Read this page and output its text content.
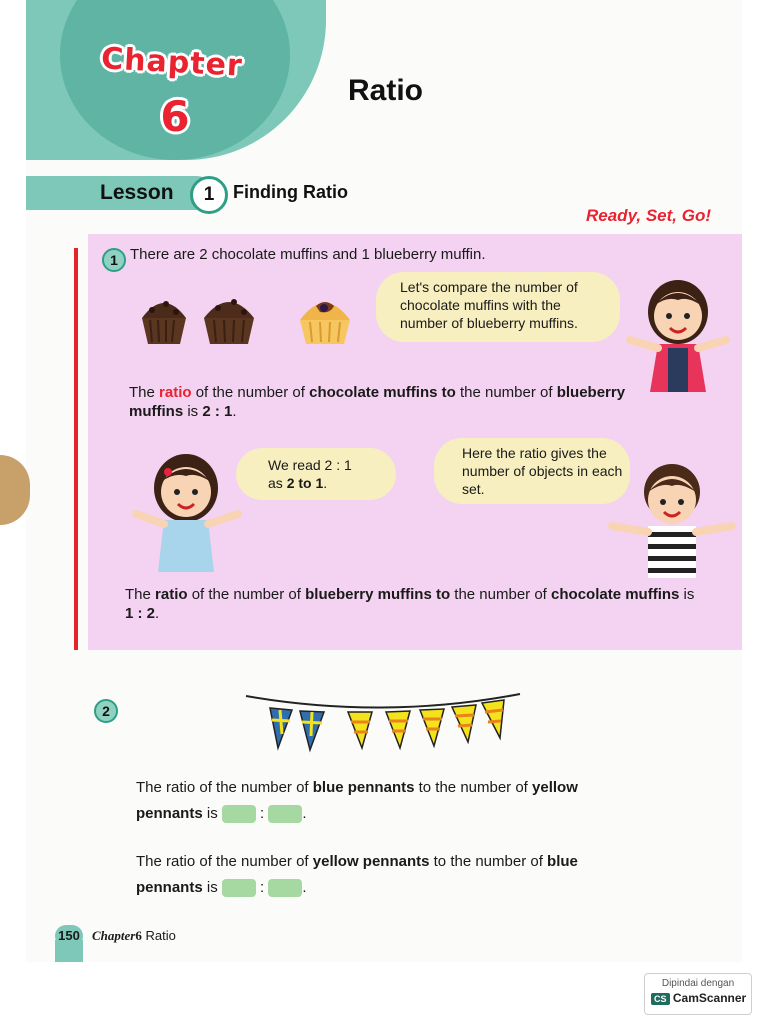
Chapter
6
Ratio
Lesson	1	Finding Ratio
Ready, Set, Go!
1 There are 2 chocolate muffins and 1 blueberry muffin.
Let's compare the number of chocolate muffins with the number of blueberry muffins.
The ratio of the number of chocolate muffins to the number of blueberry muffins is 2 : 1.
We read 2 : 1
as 2 to 1.
Here the ratio gives the number of objects in each set.
The ratio of the number of blueberry muffins to the number of chocolate muffins is 1 : 2.
2
The ratio of the number of blue pennants to the number of yellow pennants is	:	.
The ratio of the number of yellow pennants to the number of blue pennants is	:	.
150 Chapter6 Ratio
Dipindai dengan
CS CamScanner
